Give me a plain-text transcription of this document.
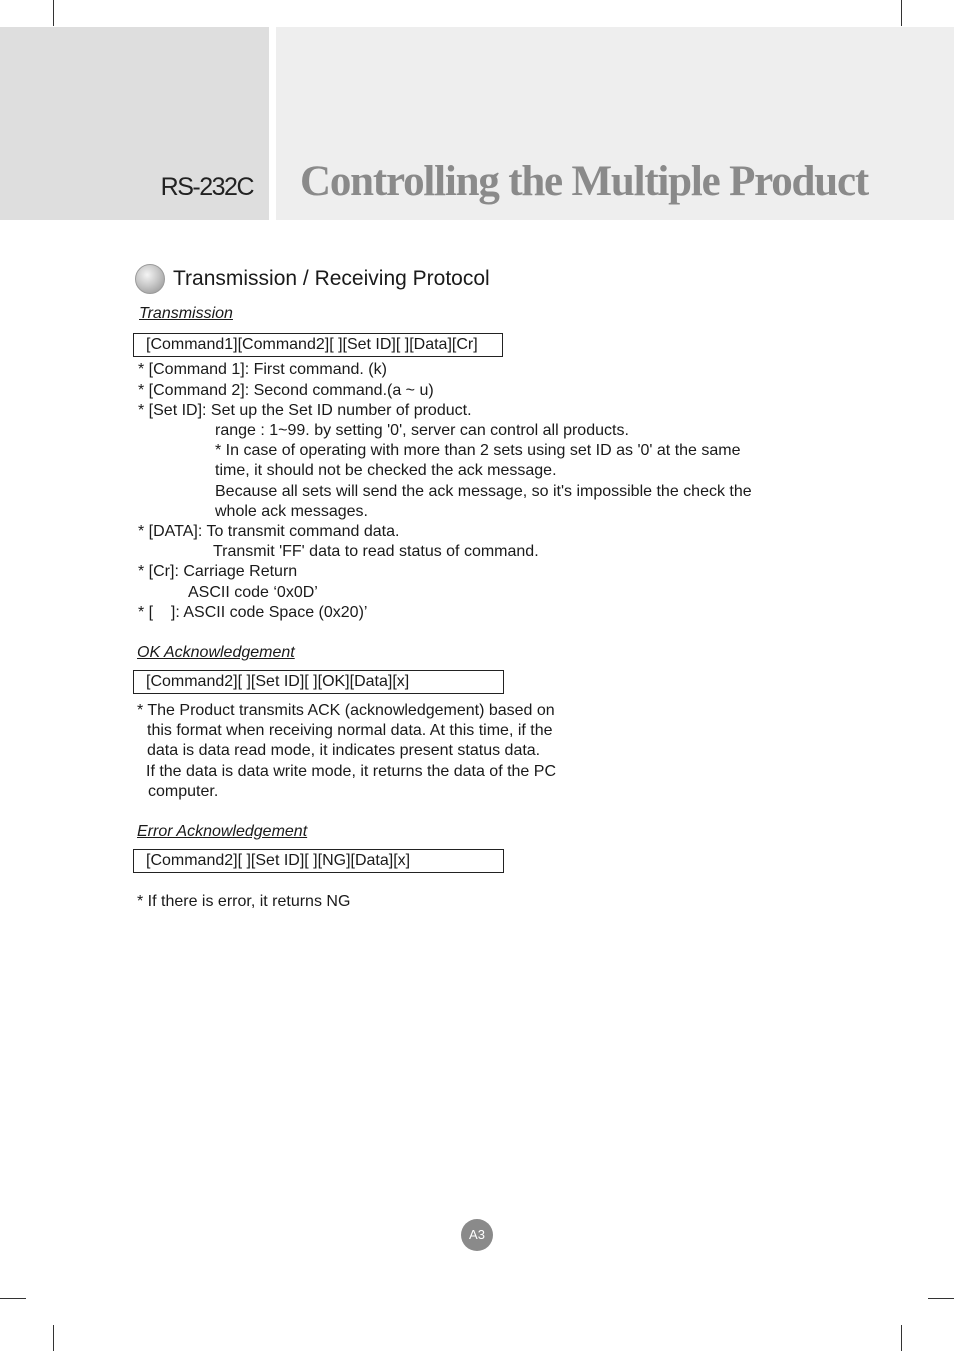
RS-232C Controlling the Multiple Product
Transmission / Receiving Protocol
Transmission
[Command1][Command2][ ][Set ID][ ][Data][Cr]
* [Command 1]: First command. (k)
* [Command 2]: Second command.(a ~ u)
* [Set ID]: Set up the Set ID number of product.
range : 1~99. by setting '0', server can control all products.
* In case of operating with more than 2 sets using set ID as '0' at the same
time, it should not be checked the ack message.
Because all sets will send the ack message, so it's impossible the check the
whole ack messages.
* [DATA]: To transmit command data.
Transmit 'FF' data to read status of command.
* [Cr]: Carriage Return
ASCII code ‘0x0D’
* [    ]: ASCII code Space (0x20)’
OK Acknowledgement
[Command2][ ][Set ID][ ][OK][Data][x]
* The Product transmits ACK (acknowledgement) based on
this format when receiving normal data. At this time, if the
data is data read mode, it indicates present status data.
If the data is data write mode, it returns the data of the PC
computer.
Error Acknowledgement
[Command2][ ][Set ID][ ][NG][Data][x]
* If there is error, it returns NG
A3
